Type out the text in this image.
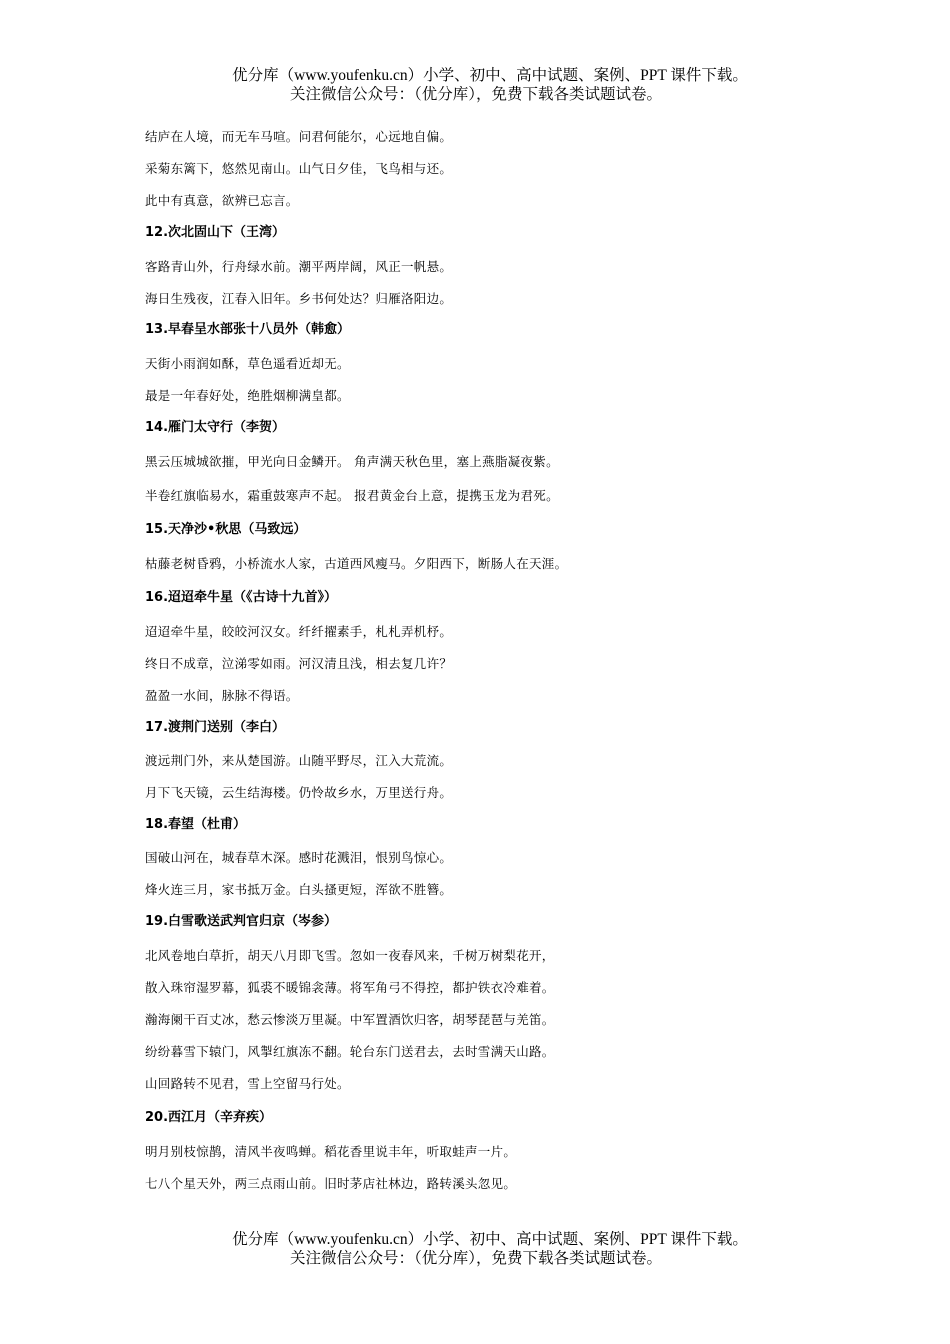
优分库（www.youfenku.cn）小学、初中、高中试题、案例、PPT 课件下载。
关注微信公众号：（优分库），免费下载各类试题试卷。
结庐在人境，而无车马喧。问君何能尔，心远地自偏。
采菊东篱下，悠然见南山。山气日夕佳，飞鸟相与还。
此中有真意，欲辨已忘言。
12.次北固山下（王湾）
客路青山外，行舟绿水前。潮平两岸阔，风正一帆悬。
海日生残夜，江春入旧年。乡书何处达？归雁洛阳边。
13.早春呈水部张十八员外（韩愈）
天街小雨润如酥，草色遥看近却无。
最是一年春好处，绝胜烟柳满皇都。
14.雁门太守行（李贺）
黑云压城城欲摧，甲光向日金鳞开。 角声满天秋色里，塞上燕脂凝夜紫。
半卷红旗临易水，霜重鼓寒声不起。 报君黄金台上意，提携玉龙为君死。
15.天净沙•秋思（马致远）
枯藤老树昏鸦，小桥流水人家，古道西风瘦马。夕阳西下，断肠人在天涯。
16.迢迢牵牛星（《古诗十九首》）
迢迢牵牛星，皎皎河汉女。纤纤擢素手，札札弄机杼。
终日不成章，泣涕零如雨。河汉清且浅，相去复几许？
盈盈一水间，脉脉不得语。
17.渡荆门送别（李白）
渡远荆门外，来从楚国游。山随平野尽，江入大荒流。
月下飞天镜，云生结海楼。仍怜故乡水，万里送行舟。
18.春望（杜甫）
国破山河在，城春草木深。感时花溅泪，恨别鸟惊心。
烽火连三月，家书抵万金。白头搔更短，浑欲不胜簪。
19.白雪歌送武判官归京（岑参）
北风卷地白草折，胡天八月即飞雪。忽如一夜春风来，千树万树梨花开，
散入珠帘湿罗幕，狐裘不暖锦衾薄。将军角弓不得控，都护铁衣冷难着。
瀚海阑干百丈冰，愁云惨淡万里凝。中军置酒饮归客，胡琴琵琶与羌笛。
纷纷暮雪下辕门，风掣红旗冻不翻。轮台东门送君去，去时雪满天山路。
山回路转不见君，雪上空留马行处。
20.西江月（辛弃疾）
明月别枝惊鹊，清风半夜鸣蝉。稻花香里说丰年，听取蛙声一片。
七八个星天外，两三点雨山前。旧时茅店社林边，路转溪头忽见。
优分库（www.youfenku.cn）小学、初中、高中试题、案例、PPT 课件下载。
关注微信公众号：（优分库），免费下载各类试题试卷。
